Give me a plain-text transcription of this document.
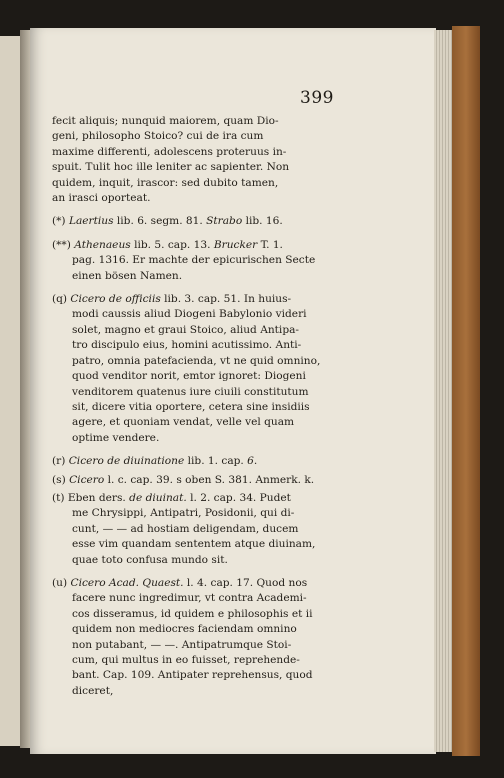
399
fecit aliquis; nunquid maiorem, quam Dio-
geni, philosopho Stoico? cui de ira cum
maxime differenti, adolescens proteruus in-
spuit. Tulit hoc ille leniter ac sapienter. Non
quidem, inquit, irascor: sed dubito tamen,
an irasci oporteat.
(*) Laertius lib. 6. segm. 81. Strabo lib. 16.
(**) Athenaeus lib. 5. cap. 13. Brucker T. 1.
pag. 1316. Er machte der epicurischen Secte
einen bösen Namen.
(q) Cicero de officiis lib. 3. cap. 51. In huius-
modi caussis aliud Diogeni Babylonio videri
solet, magno et graui Stoico, aliud Antipa-
tro discipulo eius, homini acutissimo. Anti-
patro, omnia patefacienda, vt ne quid omnino,
quod venditor norit, emtor ignoret: Diogeni
venditorem quatenus iure ciuili constitutum
sit, dicere vitia oportere, cetera sine insidiis
agere, et quoniam vendat, velle vel quam
optime vendere.
(r) Cicero de diuinatione lib. 1. cap. 6.
(s) Cicero l. c. cap. 39. s oben S. 381. Anmerk. k.
(t) Eben ders. de diuinat. l. 2. cap. 34. Pudet
me Chrysippi, Antipatri, Posidonii, qui di-
cunt, — — ad hostiam deligendam, ducem
esse vim quandam sententem atque diuinam,
quae toto confusa mundo sit.
(u) Cicero Acad. Quaest. l. 4. cap. 17. Quod nos
facere nunc ingredimur, vt contra Academi-
cos disseramus, id quidem e philosophis et ii
quidem non mediocres faciendam omnino
non putabant, — —. Antipatrumque Stoi-
cum, qui multus in eo fuisset, reprehende-
bant. Cap. 109. Antipater reprehensus, quod
diceret,
